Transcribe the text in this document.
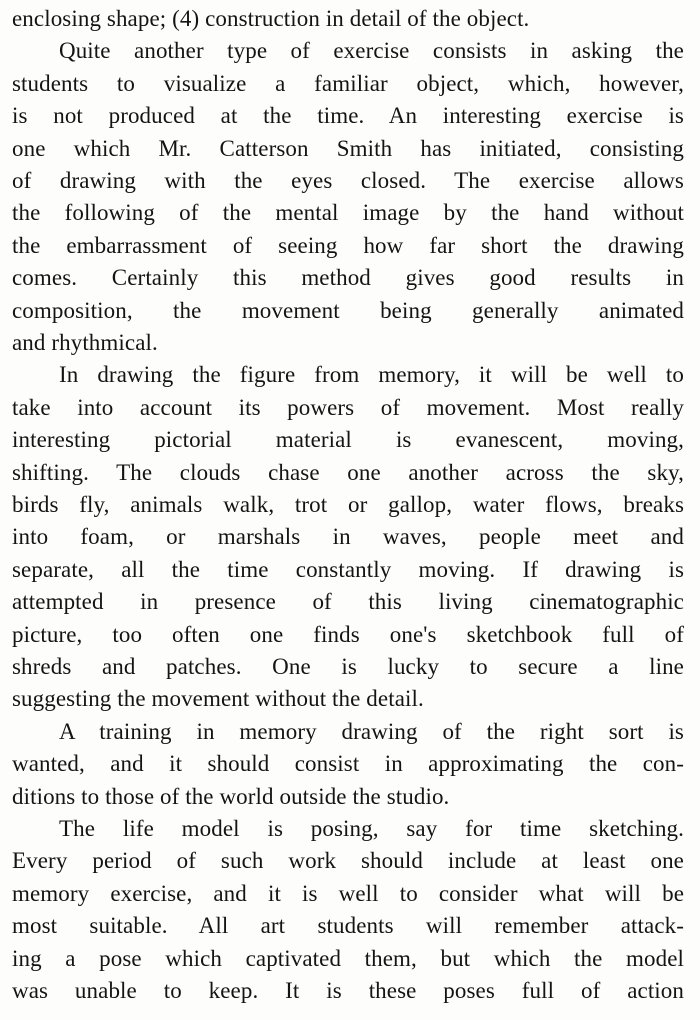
enclosing shape; (4) construction in detail of the object.
Quite another type of exercise consists in asking the
students to visualize a familiar object, which, however,
is not produced at the time. An interesting exercise is
one which Mr. Catterson Smith has initiated, consisting
of drawing with the eyes closed. The exercise allows
the following of the mental image by the hand without
the embarrassment of seeing how far short the drawing
comes. Certainly this method gives good results in
composition, the movement being generally animated
and rhythmical.
In drawing the figure from memory, it will be well to
take into account its powers of movement. Most really
interesting pictorial material is evanescent, moving,
shifting. The clouds chase one another across the sky,
birds fly, animals walk, trot or gallop, water flows, breaks
into foam, or marshals in waves, people meet and
separate, all the time constantly moving. If drawing is
attempted in presence of this living cinematographic
picture, too often one finds one's sketchbook full of
shreds and patches. One is lucky to secure a line
suggesting the movement without the detail.
A training in memory drawing of the right sort is
wanted, and it should consist in approximating the con-
ditions to those of the world outside the studio.
The life model is posing, say for time sketching.
Every period of such work should include at least one
memory exercise, and it is well to consider what will be
most suitable. All art students will remember attack-
ing a pose which captivated them, but which the model
was unable to keep. It is these poses full of action
